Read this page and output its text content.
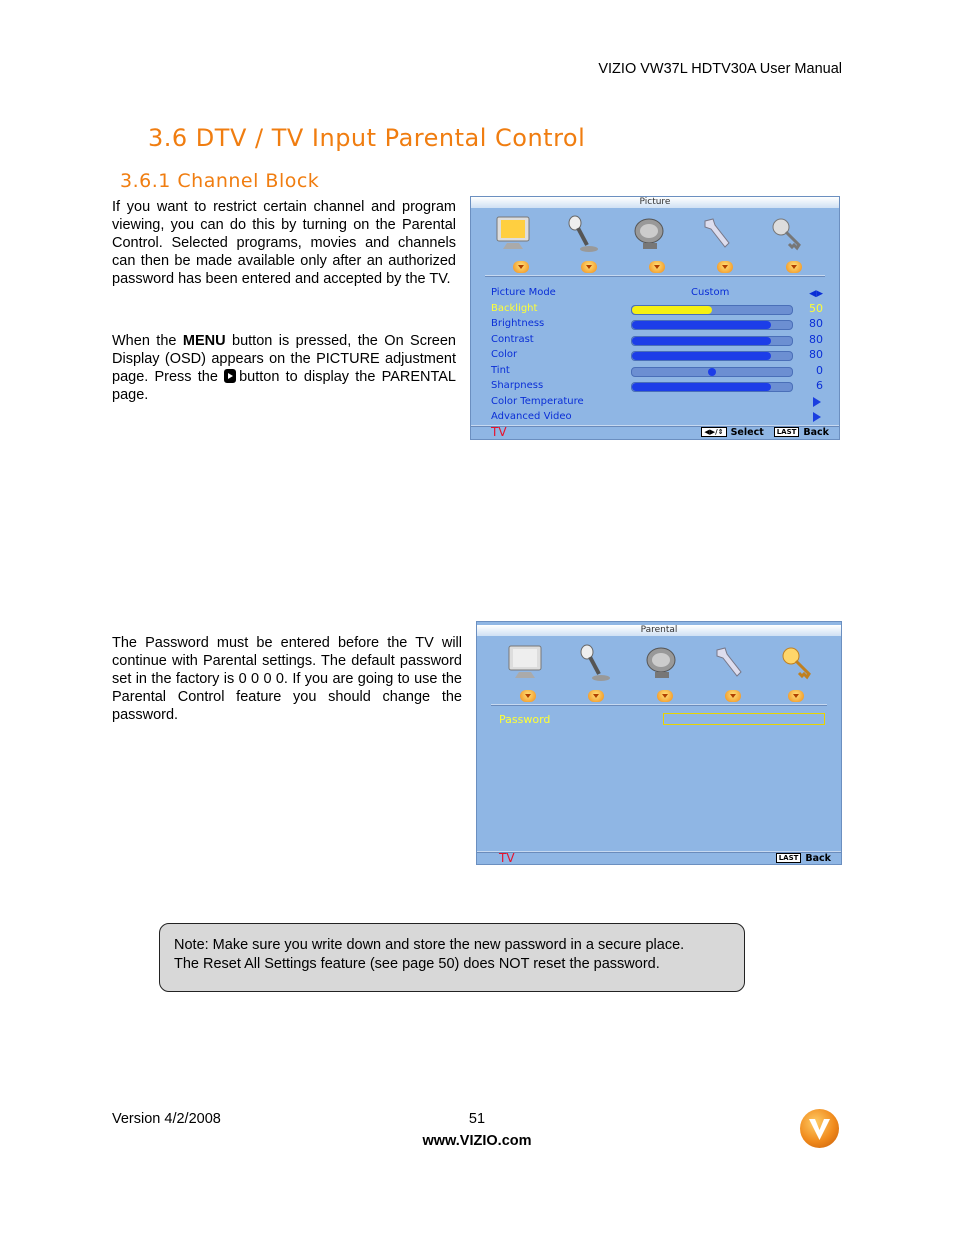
VIZIO VW37L HDTV30A User Manual
3.6 DTV / TV Input Parental Control
3.6.1 Channel Block
If you want to restrict certain channel and program viewing, you can do this by turning on the Parental Control. Selected programs, movies and channels can then be made available only after an authorized password has been entered and accepted by the TV.
When the MENU button is pressed, the On Screen Display (OSD) appears on the PICTURE adjustment page. Press the button to display the PARENTAL page.
The Password must be entered before the TV will continue with Parental settings. The default password set in the factory is 0 0 0 0. If you are going to use the Parental Control feature you should change the password.
Picture
Picture Mode	Custom	◀▶
Backlight	50
Brightness	80
Contrast	80
Color	80
Tint	0
Sharpness	6
Color Temperature
Advanced Video
TV	◀▶/⇕ Select LAST Back
Parental
Password
TV	LAST Back
Note: Make sure you write down and store the new password in a secure place.
The Reset All Settings feature (see page 50) does NOT reset the password.
Version 4/2/2008	51
www.VIZIO.com
